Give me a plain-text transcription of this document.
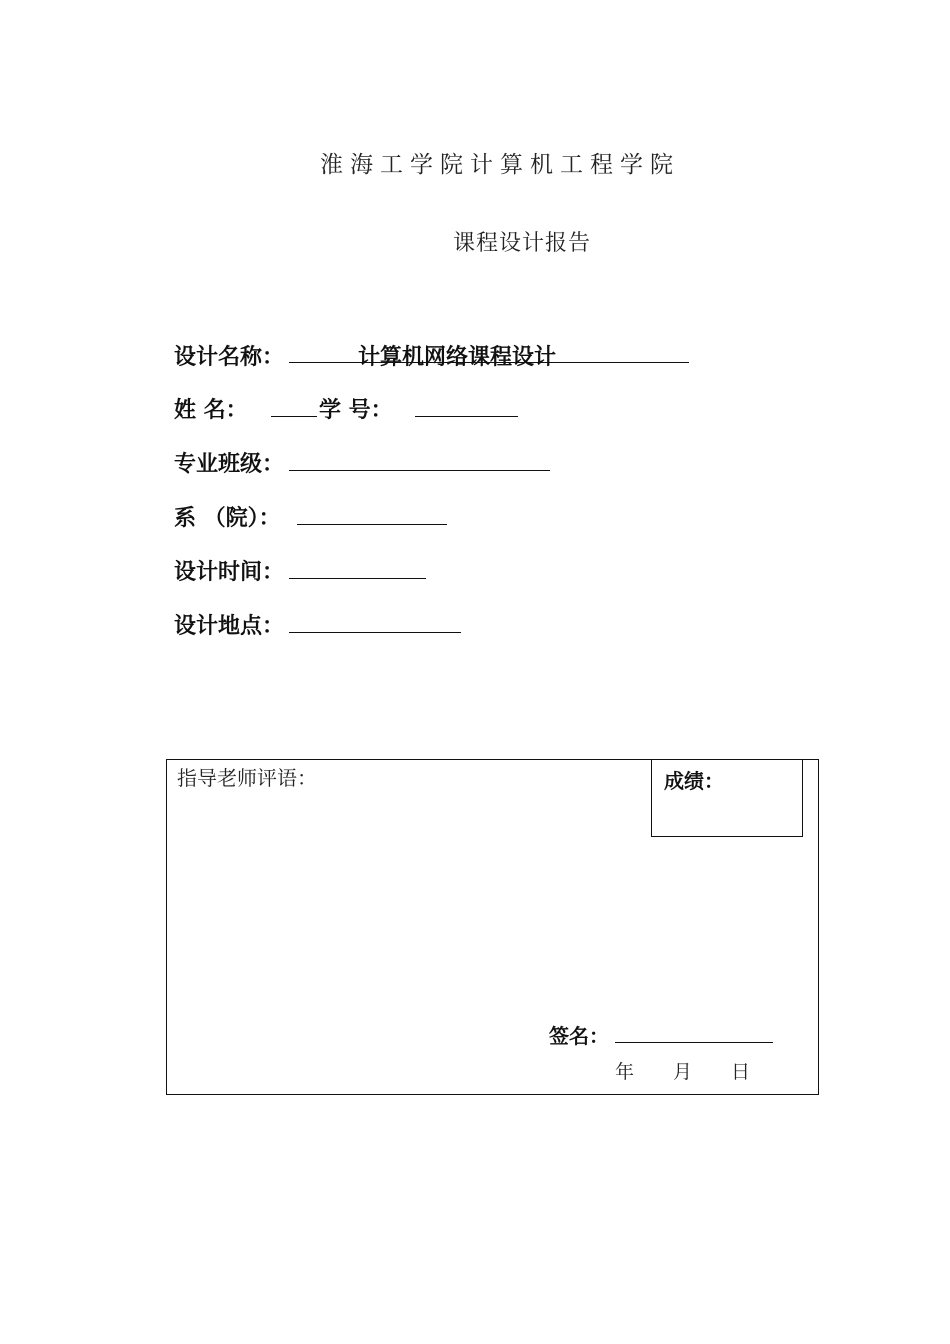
淮海工学院计算机工程学院
课程设计报告
设计名称：	计算机网络课程设计
姓 名：	学 号：
专业班级：
系 （院）：
设计时间：
设计地点：
指导老师评语：	成绩：
签名：
年 月 日
